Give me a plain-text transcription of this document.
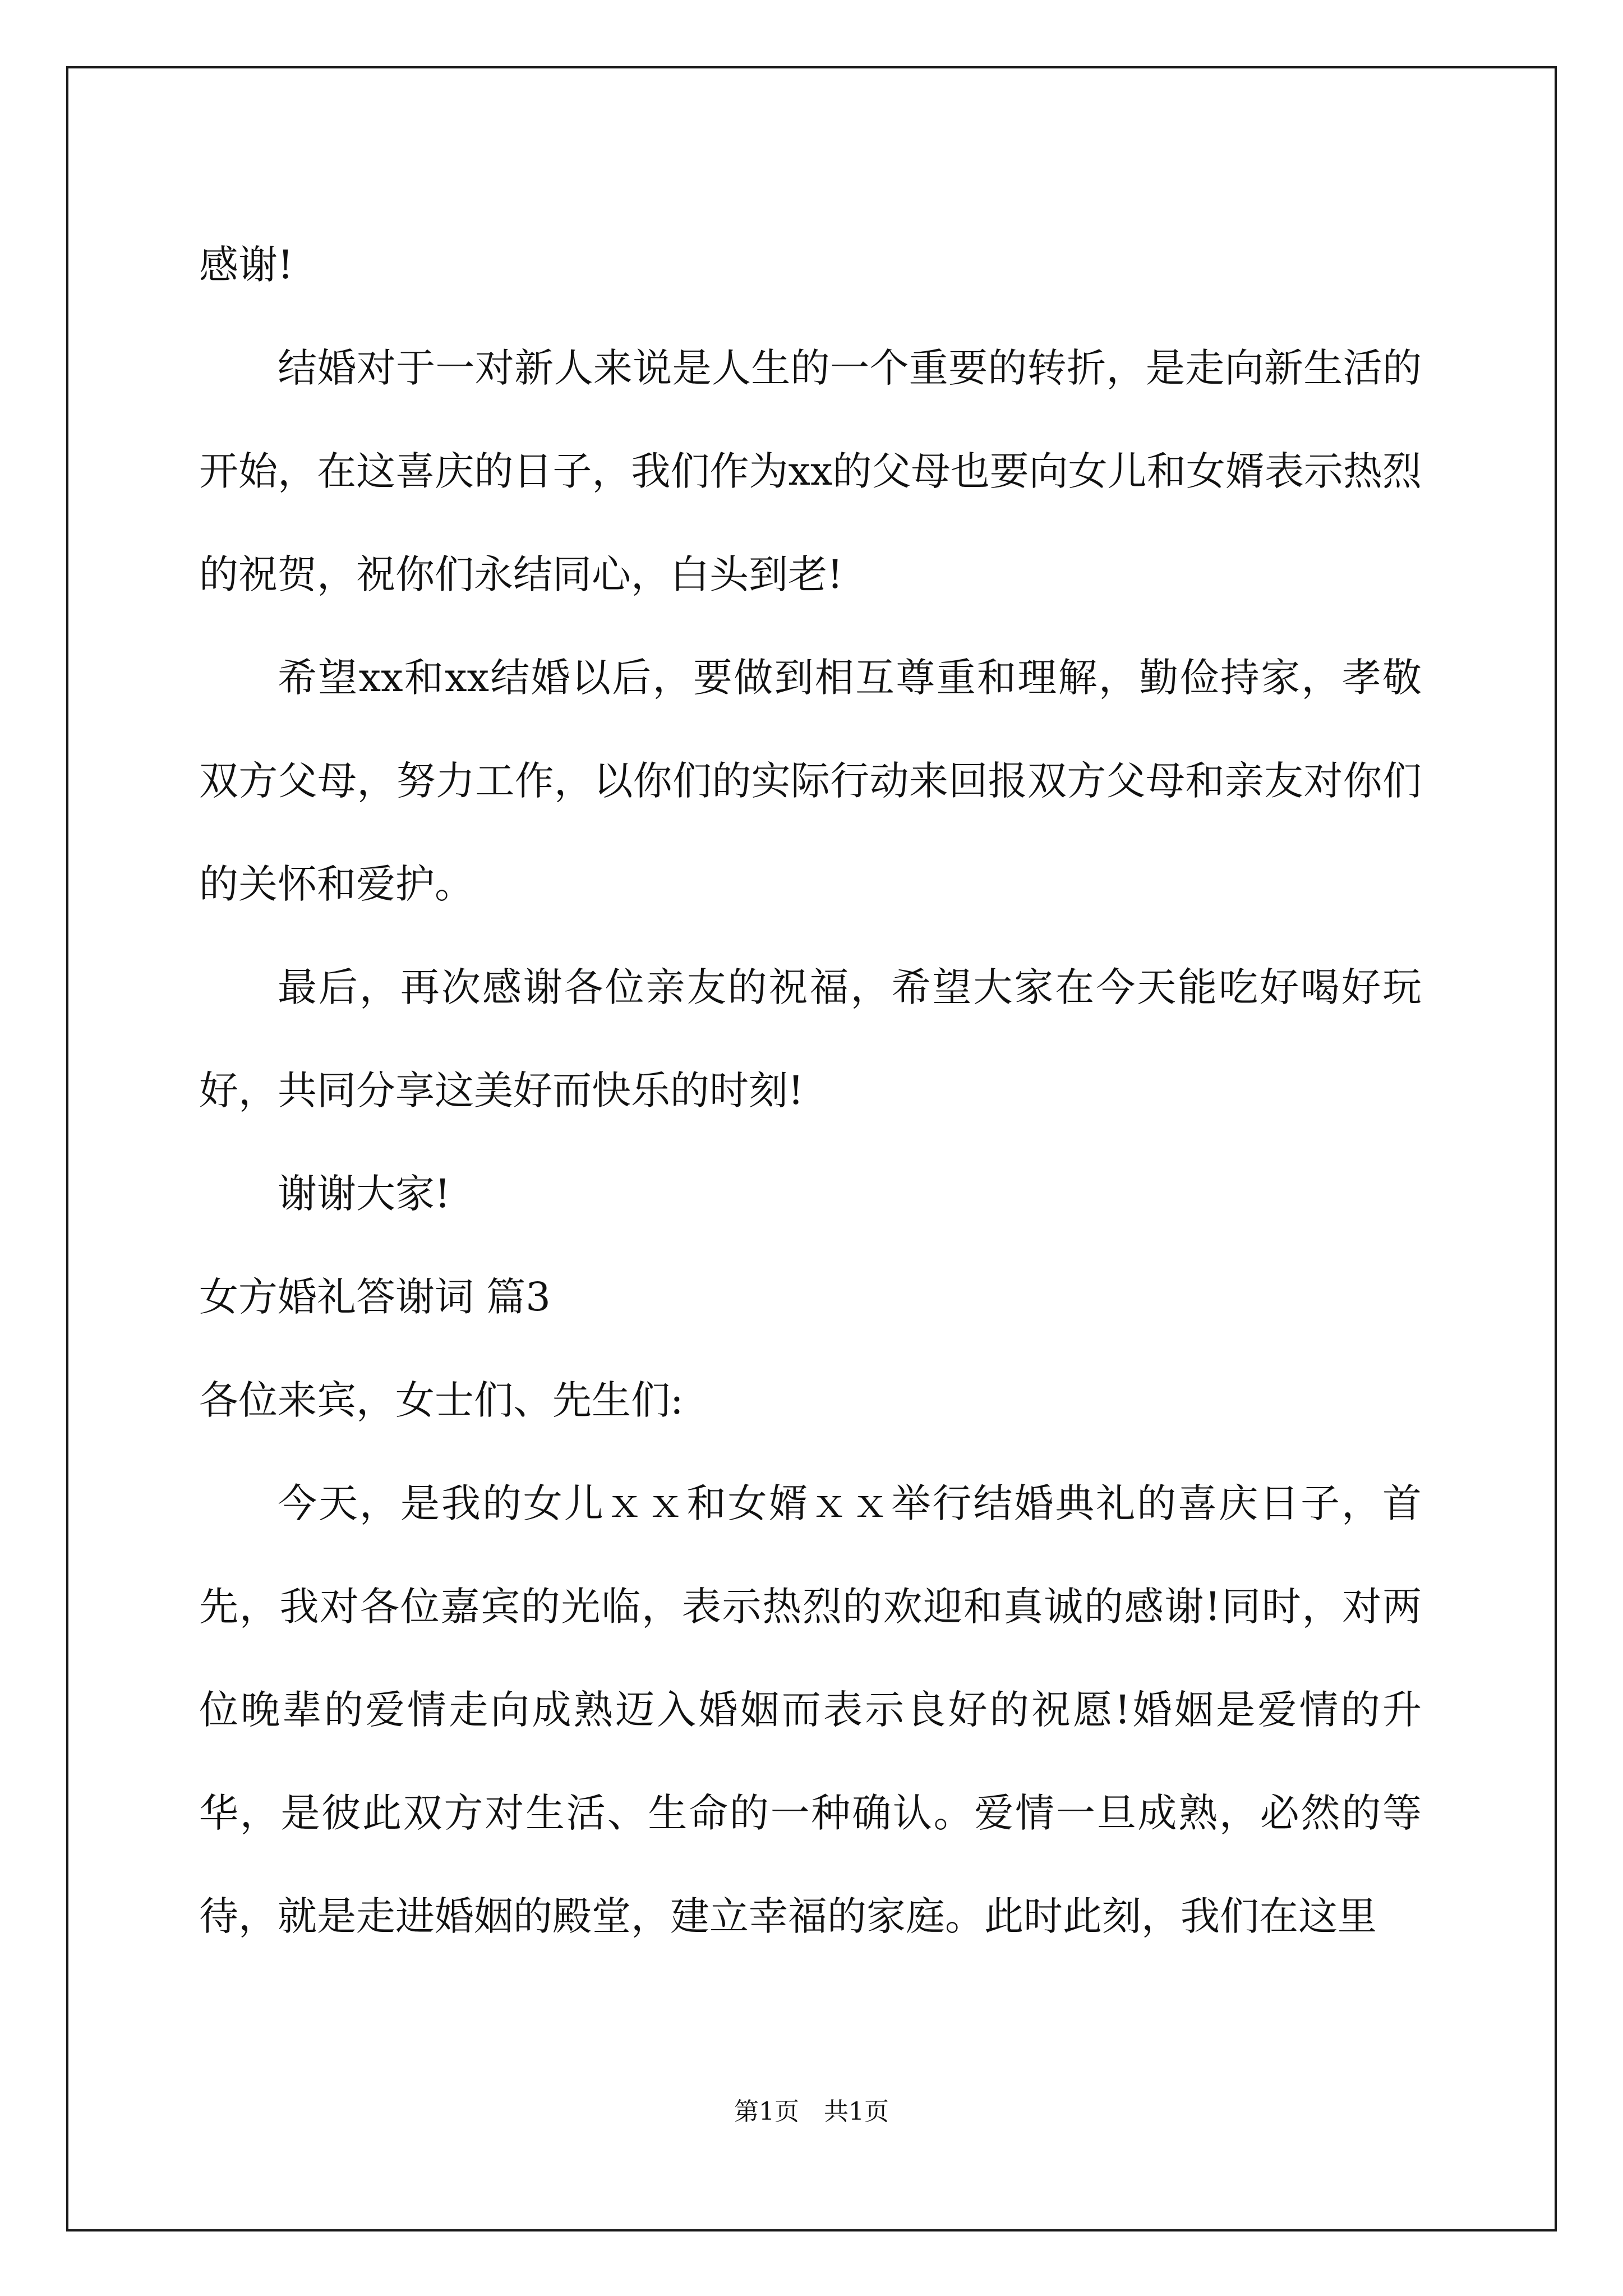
感谢!

结婚对于一对新人来说是人生的一个重要的转折，是走向新生活的开始，在这喜庆的日子，我们作为xx的父母也要向女儿和女婿表示热烈的祝贺，祝你们永结同心，白头到老!

希望xx和xx结婚以后，要做到相互尊重和理解，勤俭持家，孝敬双方父母，努力工作，以你们的实际行动来回报双方父母和亲友对你们的关怀和爱护。

最后，再次感谢各位亲友的祝福，希望大家在今天能吃好喝好玩好，共同分享这美好而快乐的时刻!

谢谢大家!

女方婚礼答谢词 篇3

各位来宾，女士们、先生们:

今天，是我的女儿ｘｘ和女婿ｘｘ举行结婚典礼的喜庆日子，首先，我对各位嘉宾的光临，表示热烈的欢迎和真诚的感谢!同时，对两位晚辈的爱情走向成熟迈入婚姻而表示良好的祝愿!婚姻是爱情的升华，是彼此双方对生活、生命的一种确认。爱情一旦成熟，必然的等待，就是走进婚姻的殿堂，建立幸福的家庭。此时此刻，我们在这里

第1页　共1页
